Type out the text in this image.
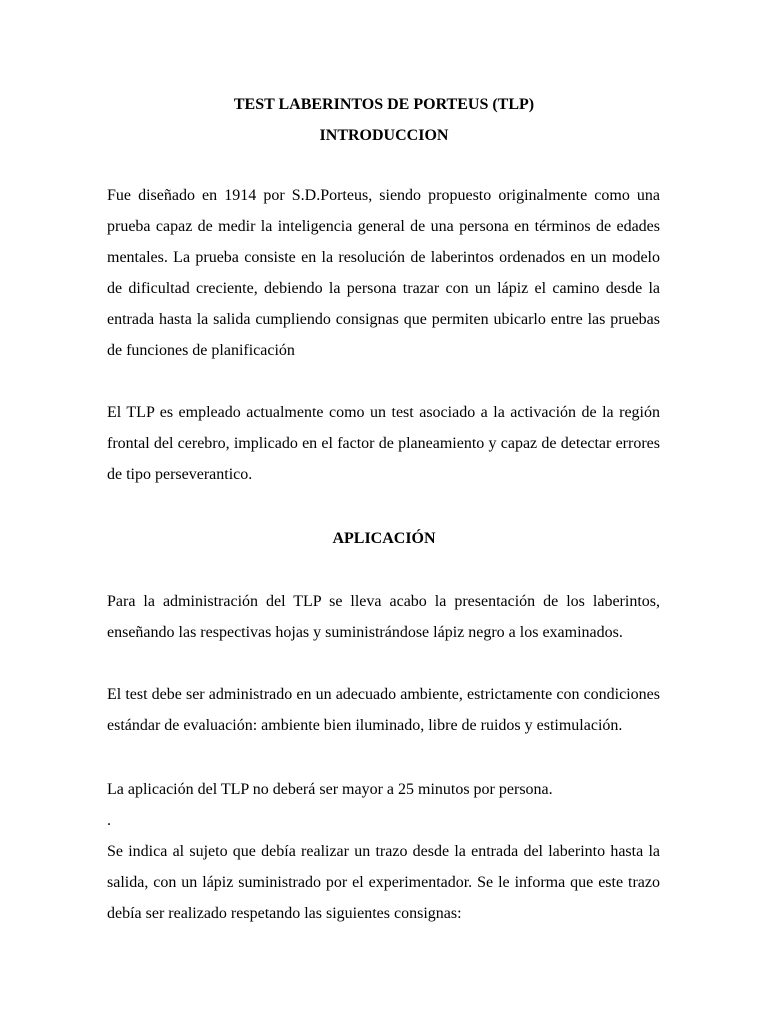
TEST LABERINTOS DE PORTEUS (TLP)
INTRODUCCION
Fue diseñado en 1914 por S.D.Porteus, siendo propuesto originalmente como una prueba capaz de medir la inteligencia general de una persona en términos de edades mentales. La prueba consiste en la resolución de laberintos ordenados en un modelo de dificultad creciente, debiendo la persona trazar con un lápiz el camino desde la entrada hasta la salida cumpliendo consignas que permiten ubicarlo entre las pruebas de funciones de planificación
El TLP es empleado actualmente como un test asociado a la activación de la región frontal del cerebro, implicado en el factor de planeamiento y capaz de detectar errores de tipo perseverantico.
APLICACIÓN
Para la administración del TLP se lleva acabo la presentación de los laberintos, enseñando las respectivas hojas y suministrándose lápiz negro a los examinados.
El test debe ser administrado en un adecuado ambiente, estrictamente con condiciones estándar de evaluación: ambiente bien iluminado, libre de ruidos y estimulación.
La aplicación del TLP no deberá ser mayor a 25 minutos por persona.
.
Se indica al sujeto que debía realizar un trazo desde la entrada del laberinto hasta la salida, con un lápiz suministrado por el experimentador. Se le informa que este trazo debía ser realizado respetando las siguientes consignas:
